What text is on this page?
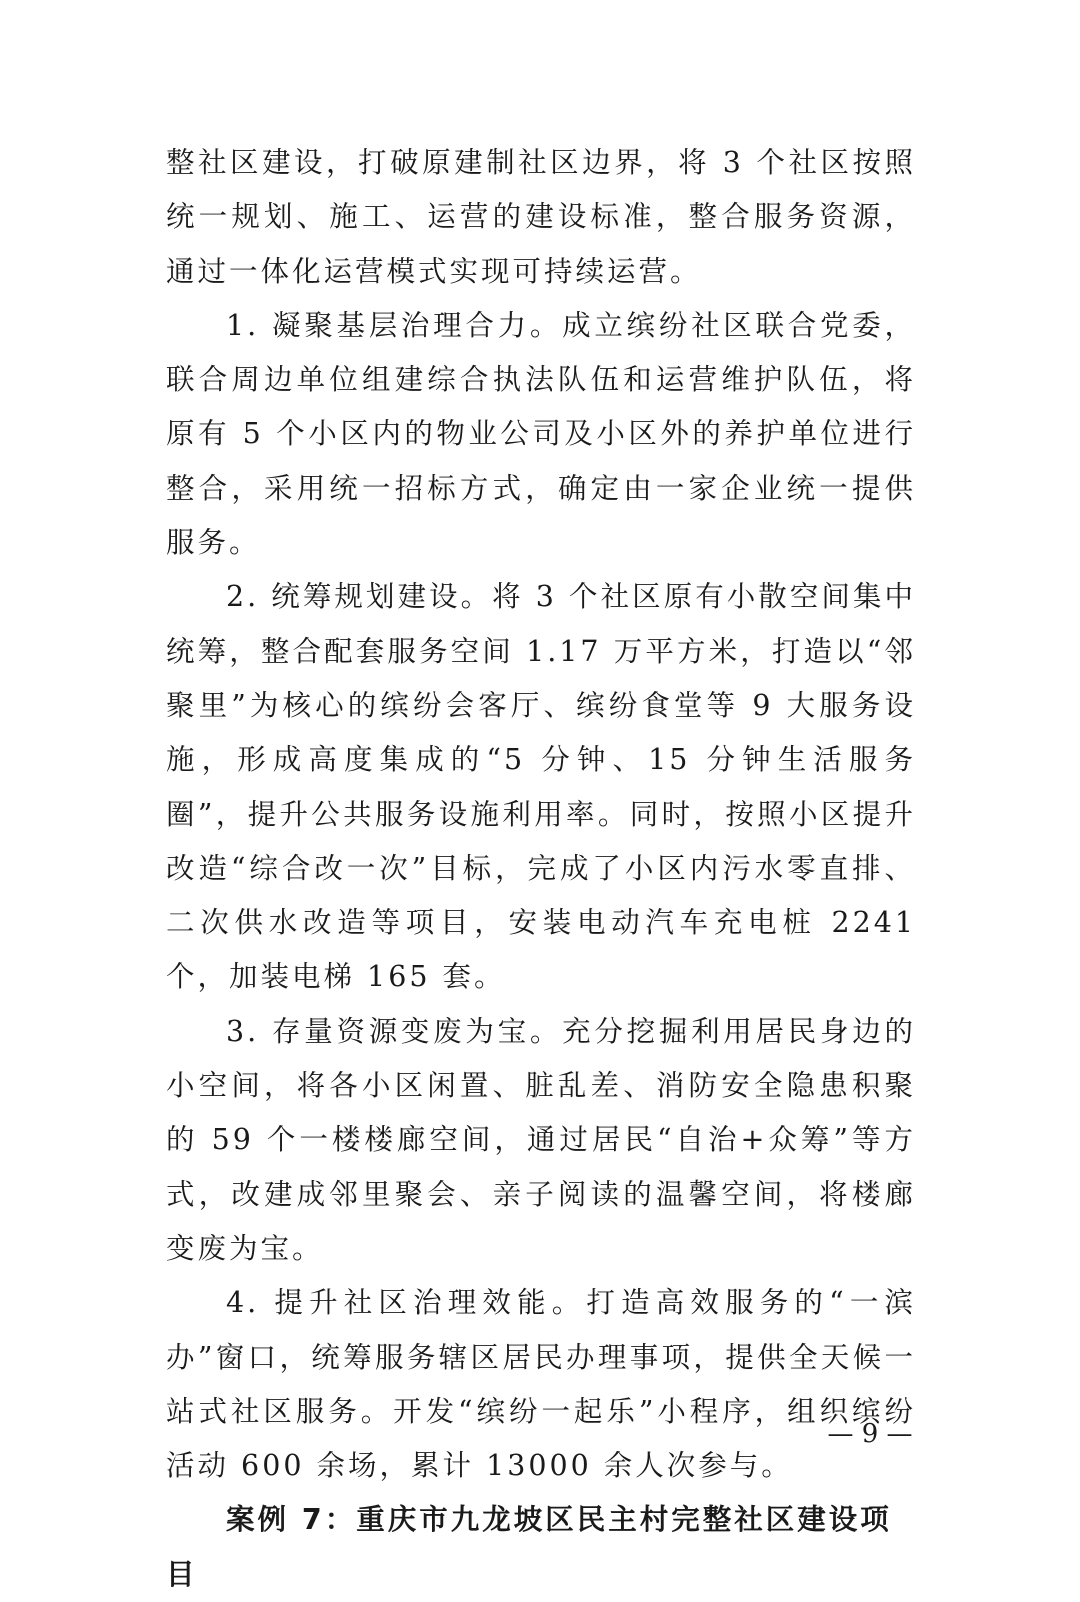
整社区建设，打破原建制社区边界，将 3 个社区按照统一规划、施工、运营的建设标准，整合服务资源，通过一体化运营模式实现可持续运营。

1. 凝聚基层治理合力。成立缤纷社区联合党委，联合周边单位组建综合执法队伍和运营维护队伍，将原有 5 个小区内的物业公司及小区外的养护单位进行整合，采用统一招标方式，确定由一家企业统一提供服务。

2. 统筹规划建设。将 3 个社区原有小散空间集中统筹，整合配套服务空间 1.17 万平方米，打造以“邻聚里”为核心的缤纷会客厅、缤纷食堂等 9 大服务设施，形成高度集成的“5 分钟、15 分钟生活服务圈”，提升公共服务设施利用率。同时，按照小区提升改造“综合改一次”目标，完成了小区内污水零直排、二次供水改造等项目，安装电动汽车充电桩 2241 个，加装电梯 165 套。

3. 存量资源变废为宝。充分挖掘利用居民身边的小空间，将各小区闲置、脏乱差、消防安全隐患积聚的 59 个一楼楼廊空间，通过居民“自治+众筹”等方式，改建成邻里聚会、亲子阅读的温馨空间，将楼廊变废为宝。

4. 提升社区治理效能。打造高效服务的“一滨办”窗口，统筹服务辖区居民办理事项，提供全天候一站式社区服务。开发“缤纷一起乐”小程序，组织缤纷活动 600 余场，累计 13000 余人次参与。

案例 7：重庆市九龙坡区民主村完整社区建设项目

— 9 —
